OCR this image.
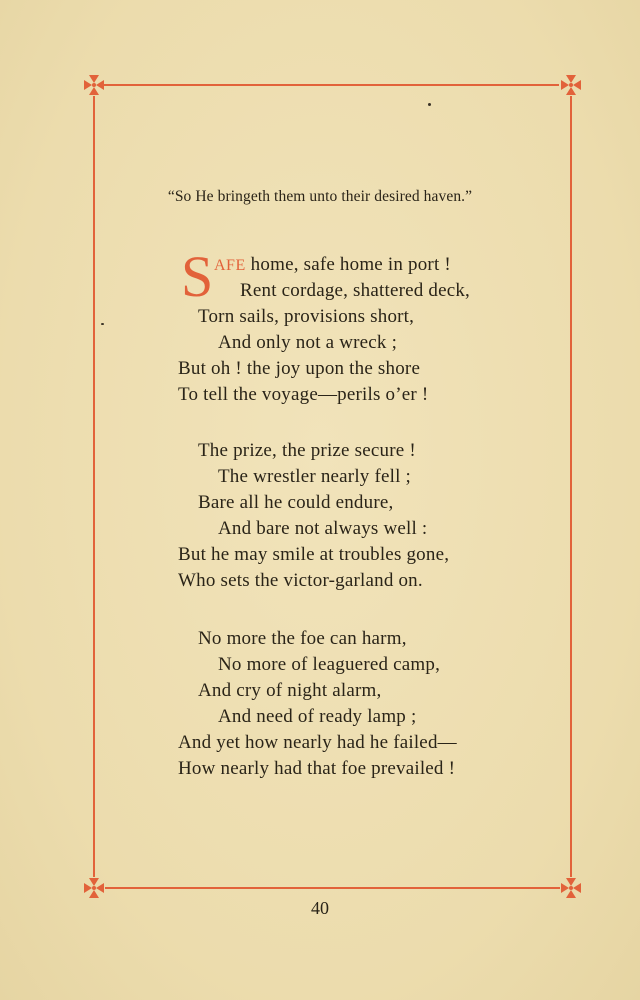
“So He bringeth them unto their desired haven.”
S AFE home, safe home in port !
Rent cordage, shattered deck,
Torn sails, provisions short,
And only not a wreck ;
But oh ! the joy upon the shore
To tell the voyage—perils o’er !
The prize, the prize secure !
The wrestler nearly fell ;
Bare all he could endure,
And bare not always well :
But he may smile at troubles gone,
Who sets the victor-garland on.
No more the foe can harm,
No more of leaguered camp,
And cry of night alarm,
And need of ready lamp ;
And yet how nearly had he failed—
How nearly had that foe prevailed !
40
